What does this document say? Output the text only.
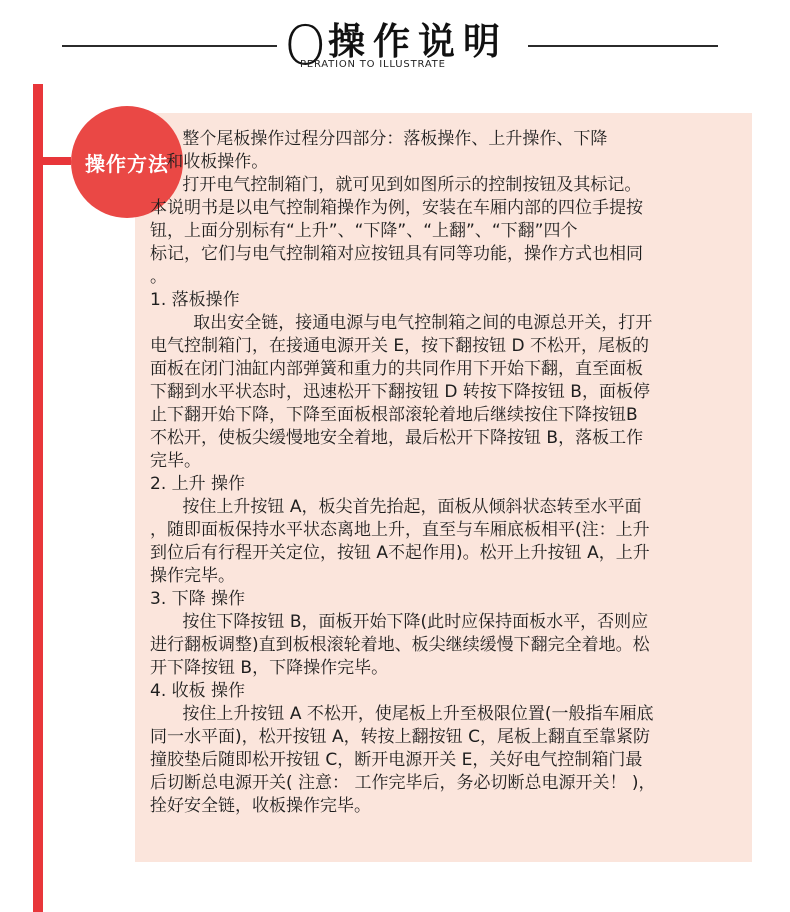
O 操作说明
PERATION TO ILLUSTRATE
操作方法
整个尾板操作过程分四部分：落板操作、上升操作、下降
和收板操作。
打开电气控制箱门，就可见到如图所示的控制按钮及其标记。
本说明书是以电气控制箱操作为例，安装在车厢内部的四位手提按
钮，上面分别标有“上升”、“下降”、“上翻”、“下翻”四个
标记，它们与电气控制箱对应按钮具有同等功能，操作方式也相同
。
1. 落板操作
取出安全链，接通电源与电气控制箱之间的电源总开关，打开
电气控制箱门，在接通电源开关 E，按下翻按钮 D 不松开，尾板的
面板在闭门油缸内部弹簧和重力的共同作用下开始下翻，直至面板
下翻到水平状态时，迅速松开下翻按钮 D 转按下降按钮 B，面板停
止下翻开始下降，下降至面板根部滚轮着地后继续按住下降按钮B
不松开，使板尖缓慢地安全着地，最后松开下降按钮 B，落板工作
完毕。
2. 上升 操作
按住上升按钮 A，板尖首先抬起，面板从倾斜状态转至水平面
，随即面板保持水平状态离地上升，直至与车厢底板相平(注：上升
到位后有行程开关定位，按钮 A不起作用)。松开上升按钮 A，上升
操作完毕。
3. 下降 操作
按住下降按钮 B，面板开始下降(此时应保持面板水平，否则应
进行翻板调整)直到板根滚轮着地、板尖继续缓慢下翻完全着地。松
开下降按钮 B，下降操作完毕。
4. 收板 操作
按住上升按钮 A 不松开，使尾板上升至极限位置(一般指车厢底
同一水平面)，松开按钮 A，转按上翻按钮 C，尾板上翻直至靠紧防
撞胶垫后随即松开按钮 C，断开电源开关 E，关好电气控制箱门最
后切断总电源开关( 注意： 工作完毕后，务必切断总电源开关！ )，
拴好安全链，收板操作完毕。
